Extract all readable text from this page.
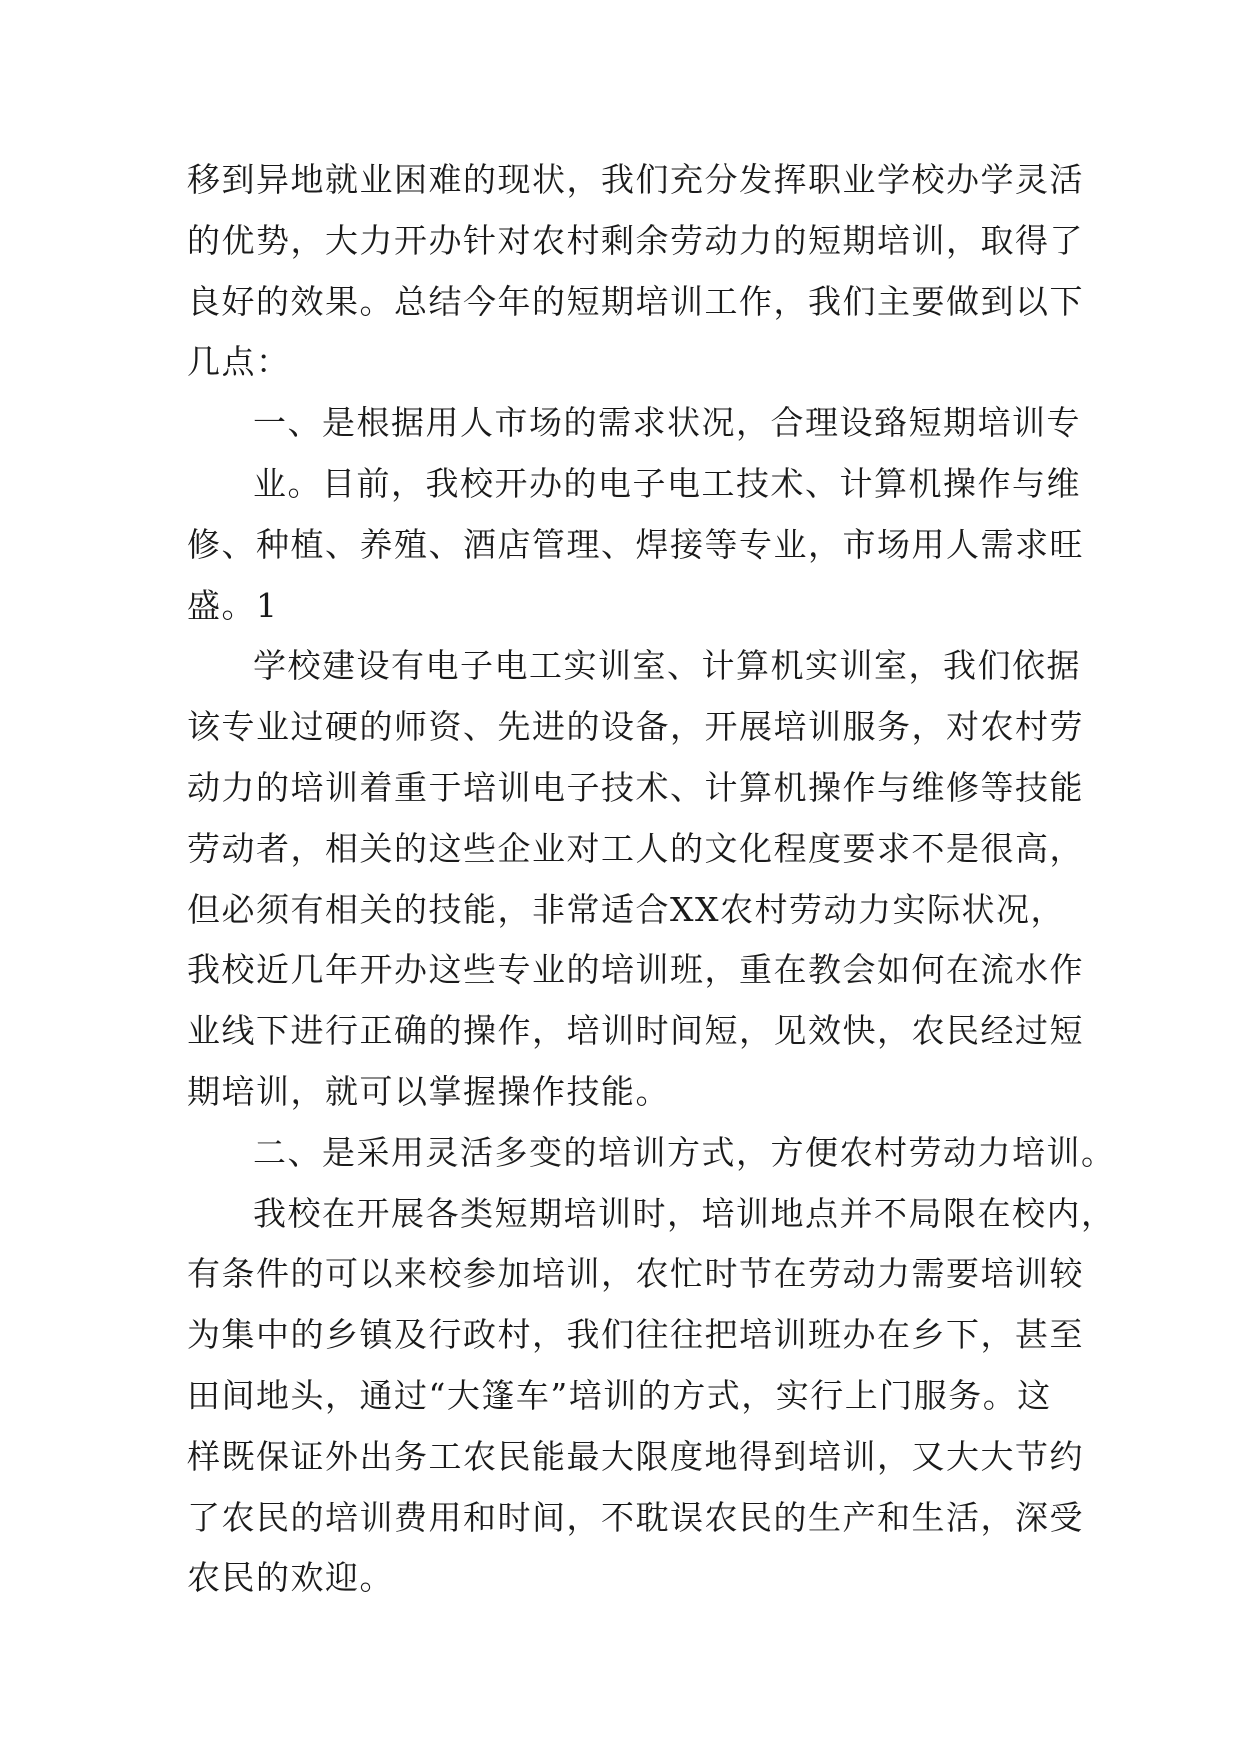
移到异地就业困难的现状，我们充分发挥职业学校办学灵活
的优势，大力开办针对农村剩余劳动力的短期培训，取得了
良好的效果。总结今年的短期培训工作，我们主要做到以下
几点：
一、是根据用人市场的需求状况，合理设臵短期培训专
业。目前，我校开办的电子电工技术、计算机操作与维
修、种植、养殖、酒店管理、焊接等专业，市场用人需求旺
盛。1
学校建设有电子电工实训室、计算机实训室，我们依据
该专业过硬的师资、先进的设备，开展培训服务，对农村劳
动力的培训着重于培训电子技术、计算机操作与维修等技能
劳动者，相关的这些企业对工人的文化程度要求不是很高，
但必须有相关的技能，非常适合XX农村劳动力实际状况，
我校近几年开办这些专业的培训班，重在教会如何在流水作
业线下进行正确的操作，培训时间短，见效快，农民经过短
期培训，就可以掌握操作技能。
二、是采用灵活多变的培训方式，方便农村劳动力培训。
我校在开展各类短期培训时，培训地点并不局限在校内，
有条件的可以来校参加培训，农忙时节在劳动力需要培训较
为集中的乡镇及行政村，我们往往把培训班办在乡下，甚至
田间地头，通过“大篷车”培训的方式，实行上门服务。这
样既保证外出务工农民能最大限度地得到培训，又大大节约
了农民的培训费用和时间，不耽误农民的生产和生活，深受
农民的欢迎。
